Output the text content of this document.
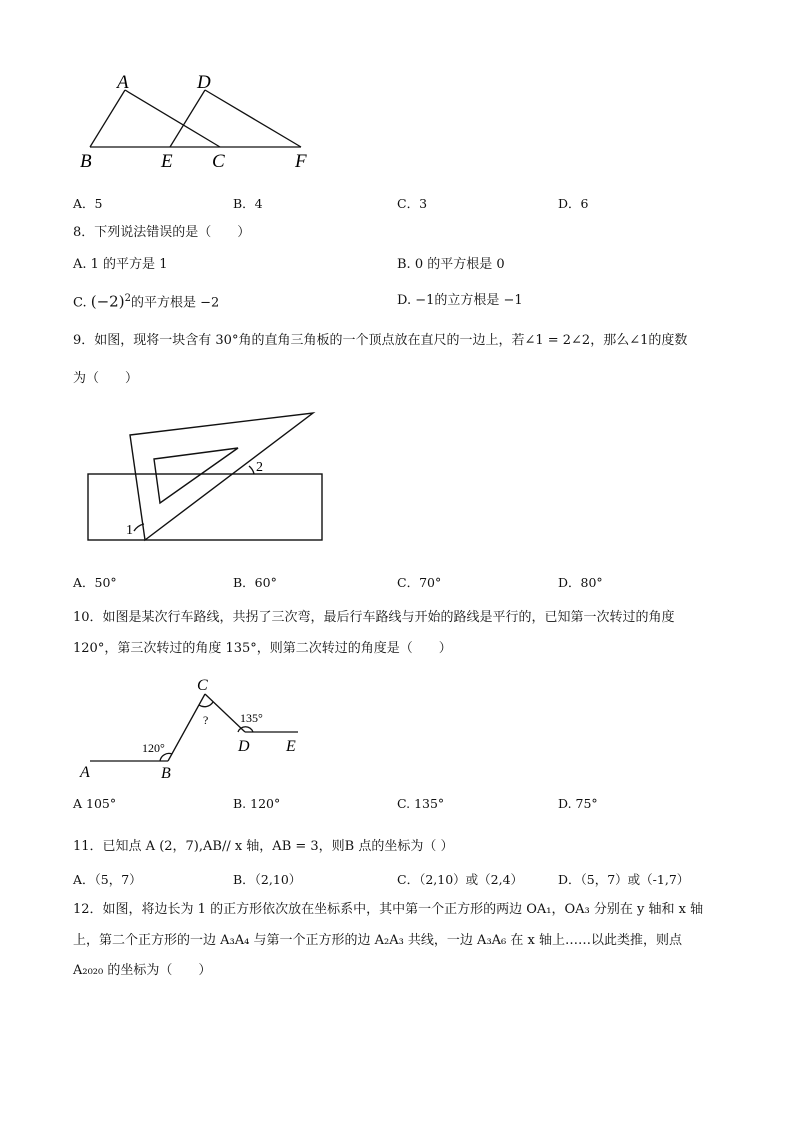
A	D
B	E C	F
A．5	B．4	C．3	D．6
8．下列说法错误的是（　　）
A. 1 的平方是 1	B. 0 的平方根是 0
C. $(-2)^2$的平方根是 −2	D. −1的立方根是 −1
9．如图，现将一块含有 30°角的直角三角板的一个顶点放在直尺的一边上，若∠1 = 2∠2，那么∠1的度数
为（　　）
1
2
A．50°	B．60°	C．70°	D．80°
10．如图是某次行车路线，共拐了三次弯，最后行车路线与开始的路线是平行的，已知第一次转过的角度
120°，第三次转过的角度 135°，则第二次转过的角度是（　　）
C
?	135°
120°	D E
A	B
A 105°	B. 120°	C. 135°	D. 75°
11．已知点 A (2，7),AB// x 轴，AB = 3，则B 点的坐标为（ ）
A．（5，7）	B．（2,10）	C．（2,10）或（2,4）	D．（5，7）或（-1,7）
12．如图，将边长为 1 的正方形依次放在坐标系中，其中第一个正方形的两边 OA₁，OA₃ 分别在 y 轴和 x 轴
上，第二个正方形的一边 A₃A₄ 与第一个正方形的边 A₂A₃ 共线，一边 A₃A₆ 在 x 轴上……以此类推，则点
A₂₀₂₀ 的坐标为（　　）
